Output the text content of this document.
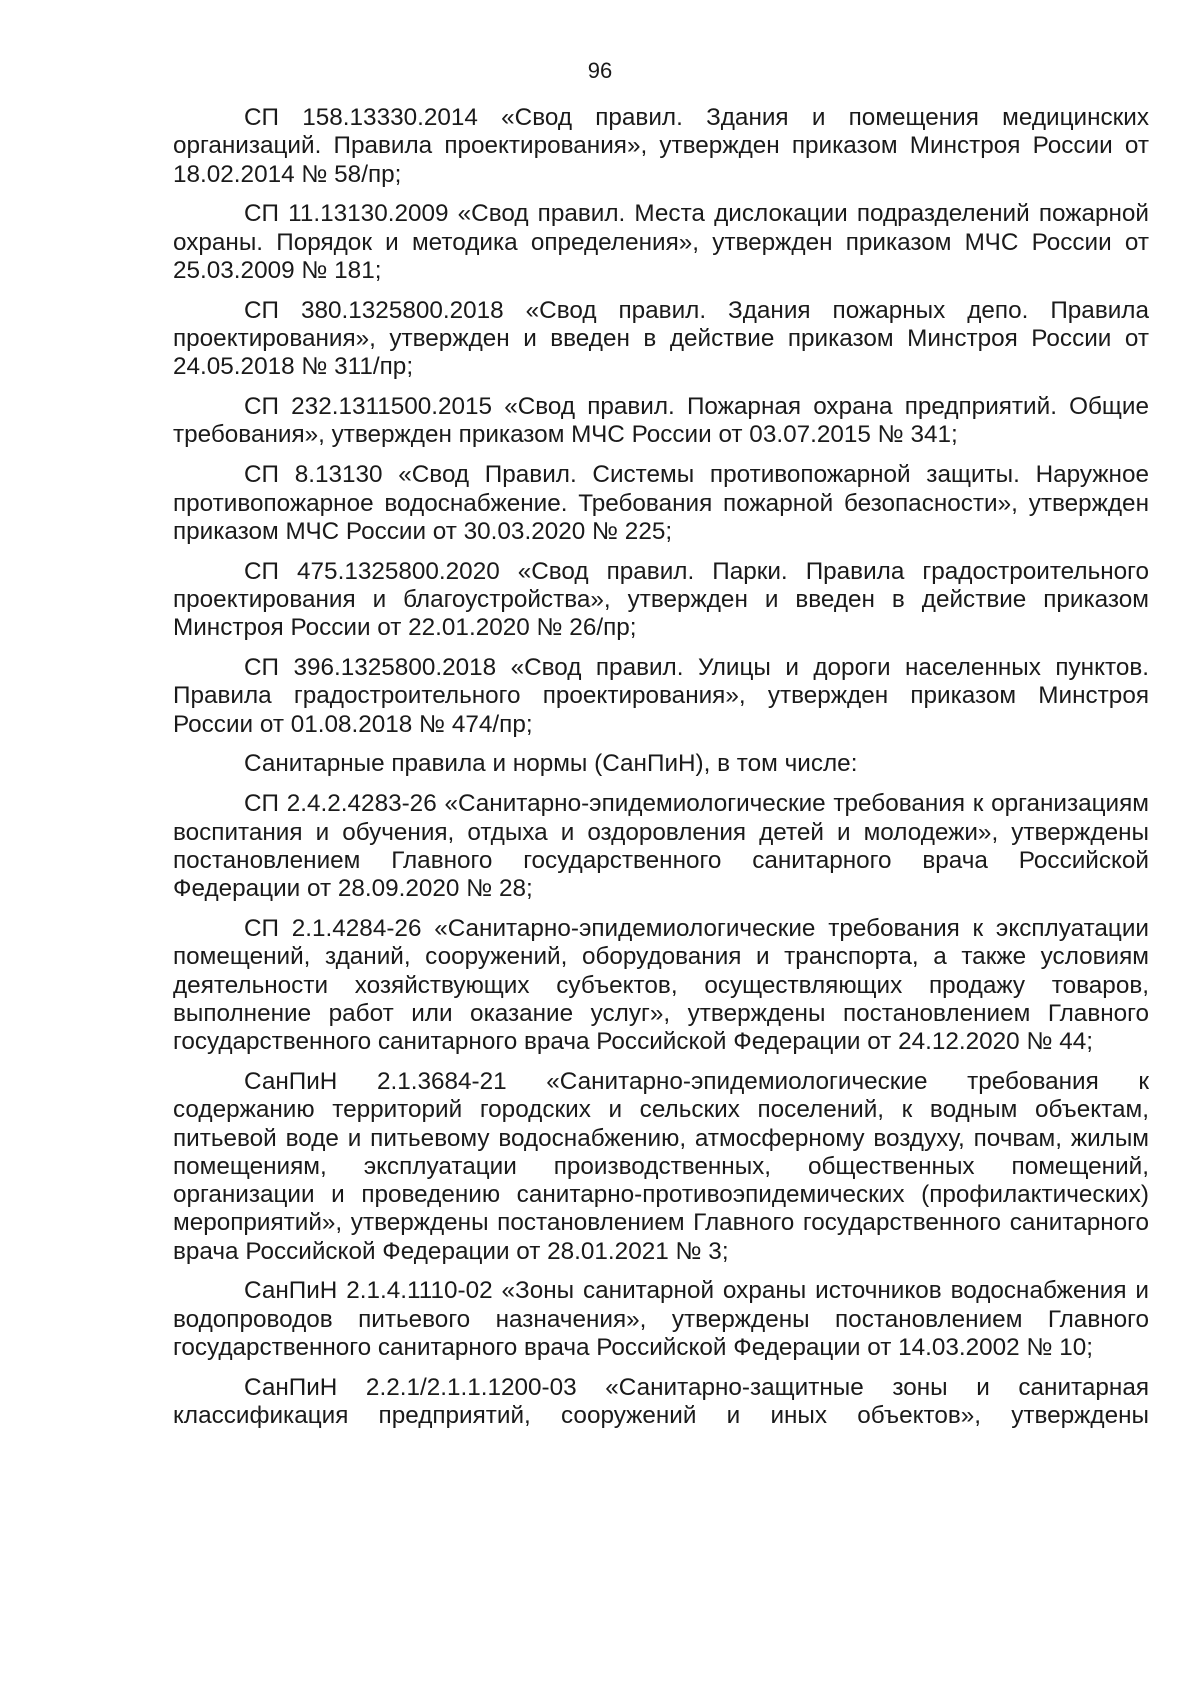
96

СП 158.13330.2014 «Свод правил. Здания и помещения медицинских организаций. Правила проектирования», утвержден приказом Минстроя России от 18.02.2014 № 58/пр;

СП 11.13130.2009 «Свод правил. Места дислокации подразделений пожарной охраны. Порядок и методика определения», утвержден приказом МЧС России от 25.03.2009 № 181;

СП 380.1325800.2018 «Свод правил. Здания пожарных депо. Правила проектирования», утвержден и введен в действие приказом Минстроя России от 24.05.2018 № 311/пр;

СП 232.1311500.2015 «Свод правил. Пожарная охрана предприятий. Общие требования», утвержден приказом МЧС России от 03.07.2015 № 341;

СП 8.13130 «Свод Правил. Системы противопожарной защиты. Наружное противопожарное водоснабжение. Требования пожарной безопасности», утвержден приказом МЧС России от 30.03.2020 № 225;

СП 475.1325800.2020 «Свод правил. Парки. Правила градостроительного проектирования и благоустройства», утвержден и введен в действие приказом Минстроя России от 22.01.2020 № 26/пр;

СП 396.1325800.2018 «Свод правил. Улицы и дороги населенных пунктов. Правила градостроительного проектирования», утвержден приказом Минстроя России от 01.08.2018 № 474/пр;

Санитарные правила и нормы (СанПиН), в том числе:

СП 2.4.2.4283-26 «Санитарно-эпидемиологические требования к организациям воспитания и обучения, отдыха и оздоровления детей и молодежи», утверждены постановлением Главного государственного санитарного врача Российской Федерации от 28.09.2020 № 28;

СП 2.1.4284-26 «Санитарно-эпидемиологические требования к эксплуатации помещений, зданий, сооружений, оборудования и транспорта, а также условиям деятельности хозяйствующих субъектов, осуществляющих продажу товаров, выполнение работ или оказание услуг», утверждены постановлением Главного государственного санитарного врача Российской Федерации от 24.12.2020 № 44;

СанПиН 2.1.3684-21 «Санитарно-эпидемиологические требования к содержанию территорий городских и сельских поселений, к водным объектам, питьевой воде и питьевому водоснабжению, атмосферному воздуху, почвам, жилым помещениям, эксплуатации производственных, общественных помещений, организации и проведению санитарно-противоэпидемических (профилактических) мероприятий», утверждены постановлением Главного государственного санитарного врача Российской Федерации от 28.01.2021 № 3;

СанПиН 2.1.4.1110-02 «Зоны санитарной охраны источников водоснабжения и водопроводов питьевого назначения», утверждены постановлением Главного государственного санитарного врача Российской Федерации от 14.03.2002 № 10;

СанПиН 2.2.1/2.1.1.1200-03 «Санитарно-защитные зоны и санитарная классификация предприятий, сооружений и иных объектов», утверждены
